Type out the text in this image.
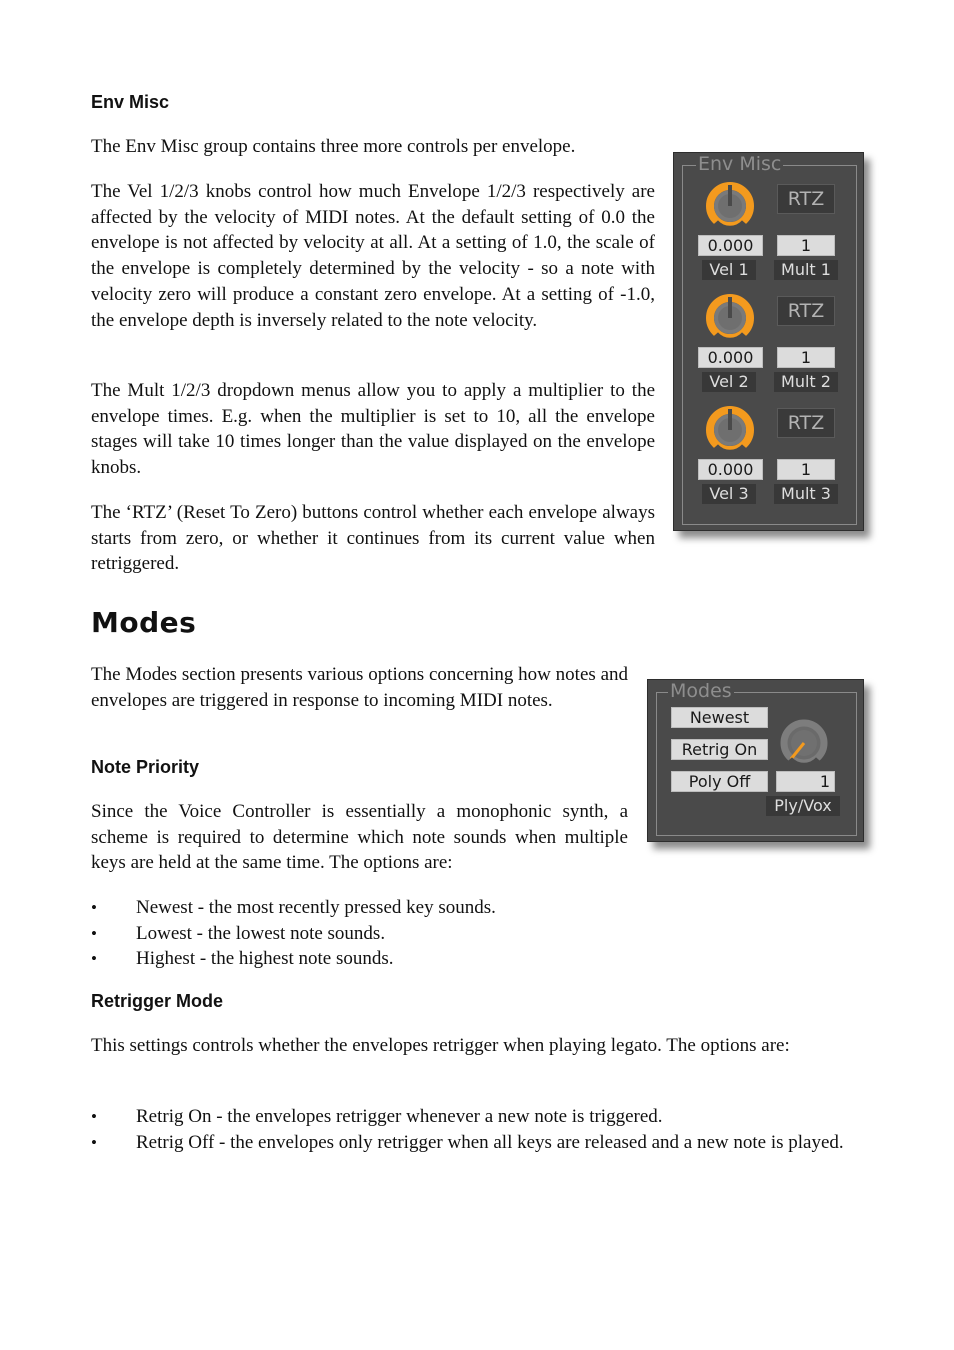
Env Misc

The Env Misc group contains three more controls per envelope.

The Vel 1/2/3 knobs control how much Envelope 1/2/3 respectively are affected by the velocity of MIDI notes. At the default setting of 0.0 the envelope is not affected by velocity at all. At a setting of 1.0, the scale of the envelope is completely determined by the velocity - so a note with velocity zero will produce a constant zero envelope. At a setting of -1.0, the envelope depth is inversely related to the note velocity.

The Mult 1/2/3 dropdown menus allow you to apply a multiplier to the envelope times. E.g. when the multiplier is set to 10, all the envelope stages will take 10 times longer than the value displayed on the envelope knobs.

The ‘RTZ’ (Reset To Zero) buttons control whether each envelope always starts from zero, or whether it continues from its current value when retriggered.

Env Misc
RTZ
0.000	1
Vel 1	Mult 1
RTZ
0.000	1
Vel 2	Mult 2
RTZ
0.000	1
Vel 3	Mult 3
Modes

The Modes section presents various options concerning how notes and envelopes are triggered in response to incoming MIDI notes.

Note Priority

Since the Voice Controller is essentially a monophonic synth, a scheme is required to determine which note sounds when multiple keys are held at the same time. The options are:

• Newest - the most recently pressed key sounds.
• Lowest - the lowest note sounds.
• Highest - the highest note sounds.
Retrigger Mode

This settings controls whether the envelopes retrigger when playing legato. The options are:

• Retrig On - the envelopes retrigger whenever a new note is triggered.
• Retrig Off - the envelopes only retrigger when all keys are released and a new note is played.
Modes
Newest
Retrig On
Poly Off	1
Ply/Vox
